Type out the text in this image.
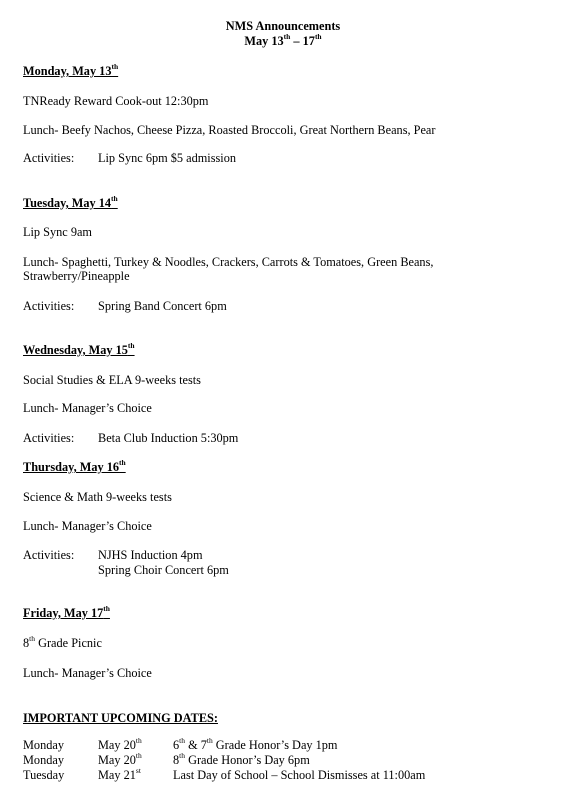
NMS Announcements
May 13th – 17th
Monday, May 13th
TNReady Reward Cook-out 12:30pm
Lunch- Beefy Nachos, Cheese Pizza, Roasted Broccoli, Great Northern Beans, Pear
Activities: Lip Sync 6pm $5 admission
Tuesday, May 14th
Lip Sync 9am
Lunch- Spaghetti, Turkey & Noodles, Crackers, Carrots & Tomatoes, Green Beans,
Strawberry/Pineapple
Activities: Spring Band Concert 6pm
Wednesday, May 15th
Social Studies & ELA 9-weeks tests
Lunch- Manager’s Choice
Activities: Beta Club Induction 5:30pm
Thursday, May 16th
Science & Math 9-weeks tests
Lunch- Manager’s Choice
Activities: NJHS Induction 4pm
Spring Choir Concert 6pm
Friday, May 17th
8th Grade Picnic
Lunch- Manager’s Choice
IMPORTANT UPCOMING DATES:
Monday	May 20th	6th & 7th Grade Honor’s Day 1pm
Monday	May 20th	8th Grade Honor’s Day 6pm
Tuesday	May 21st	Last Day of School – School Dismisses at 11:00am
